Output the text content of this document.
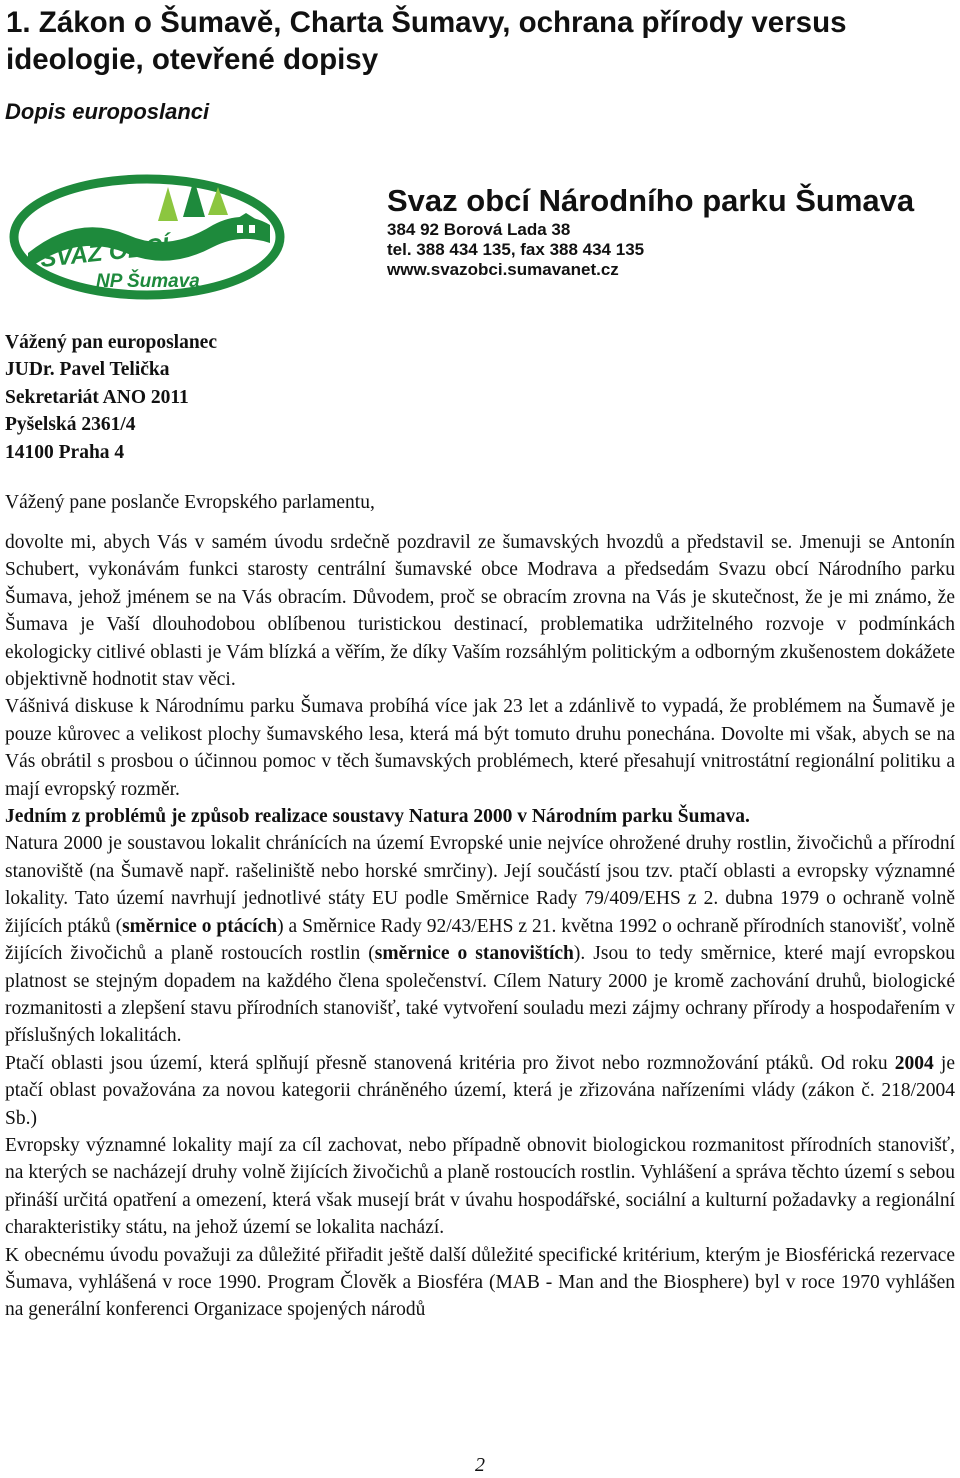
1. Zákon o Šumavě, Charta Šumavy, ochrana přírody versus
ideologie, otevřené dopisy
Dopis europoslanci
SVAZ OBCÍ
NP Šumava

Svaz obcí Národního parku Šumava

384 92 Borová Lada 38

tel. 388 434 135, fax 388 434 135

www.svazobci.sumavanet.cz

Vážený pan europoslanec

JUDr. Pavel Telička

Sekretariát ANO 2011

Pyšelská 2361/4

14100 Praha 4

Vážený pane poslanče Evropského parlamentu,

dovolte mi, abych Vás v samém úvodu srdečně pozdravil ze šumavských hvozdů a představil se. Jmenuji se Antonín Schubert, vykonávám funkci starosty centrální šumavské obce Modrava a předsedám Svazu obcí Národního parku Šumava, jehož jménem se na Vás obracím. Důvodem, proč se obracím zrovna na Vás je skutečnost, že je mi známo, že Šumava je Vaší dlouhodobou oblíbenou turistickou destinací, problematika udržitelného rozvoje v podmínkách ekologicky citlivé oblasti je Vám blízká a věřím, že díky Vaším rozsáhlým politickým a odborným zkušenostem dokážete objektivně hodnotit stav věci.

Vášnivá diskuse k Národnímu parku Šumava probíhá více jak 23 let a zdánlivě to vypadá, že problémem na Šumavě je pouze kůrovec a velikost plochy šumavského lesa, která má být tomuto druhu ponechána. Dovolte mi však, abych se na Vás obrátil s prosbou o účinnou pomoc v těch šumavských problémech, které přesahují vnitrostátní regionální politiku a mají evropský rozměr.

Jedním z problémů je způsob realizace soustavy Natura 2000 v Národním parku Šumava.

Natura 2000 je soustavou lokalit chránících na území Evropské unie nejvíce ohrožené druhy rostlin, živočichů a přírodní stanoviště (na Šumavě např. rašeliniště nebo horské smrčiny). Její součástí jsou tzv. ptačí oblasti a evropsky významné lokality. Tato území navrhují jednotlivé státy EU podle Směrnice Rady 79/409/EHS z 2. dubna 1979 o ochraně volně žijících ptáků (směrnice o ptácích) a Směrnice Rady 92/43/EHS z 21. května 1992 o ochraně přírodních stanovišť, volně žijících živočichů a planě rostoucích rostlin (směrnice o stanovištích). Jsou to tedy směrnice, které mají evropskou platnost se stejným dopadem na každého člena společenství. Cílem Natury 2000 je kromě zachování druhů, biologické rozmanitosti a zlepšení stavu přírodních stanovišť, také vytvoření souladu mezi zájmy ochrany přírody a hospodařením v příslušných lokalitách.

Ptačí oblasti jsou území, která splňují přesně stanovená kritéria pro život nebo rozmnožování ptáků. Od roku 2004 je ptačí oblast považována za novou kategorii chráněného území, která je zřizována nařízeními vlády (zákon č. 218/2004 Sb.)

Evropsky významné lokality mají za cíl zachovat, nebo případně obnovit biologickou rozmanitost přírodních stanovišť, na kterých se nacházejí druhy volně žijících živočichů a planě rostoucích rostlin. Vyhlášení a správa těchto území s sebou přináší určitá opatření a omezení, která však musejí brát v úvahu hospodářské, sociální a kulturní požadavky a regionální charakteristiky státu, na jehož území se lokalita nachází.

K obecnému úvodu považuji za důležité přiřadit ještě další důležité specifické kritérium, kterým je Biosférická rezervace Šumava, vyhlášená v roce 1990. Program Člověk a Biosféra (MAB - Man and the Biosphere) byl v roce 1970 vyhlášen na generální konferenci Organizace spojených národů

2
